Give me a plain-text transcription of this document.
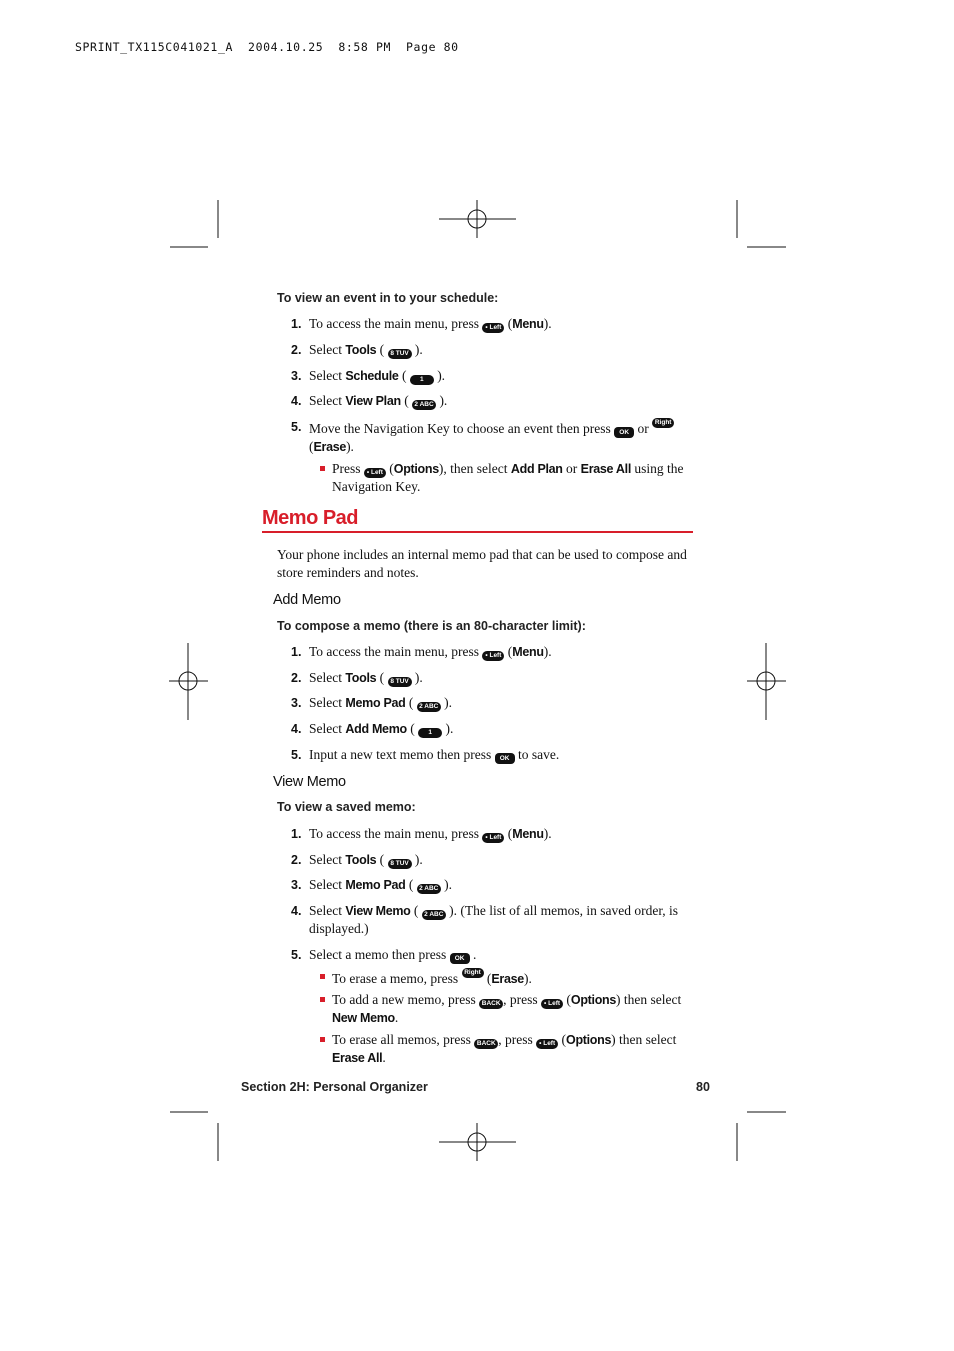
SPRINT_TX115C041021_A  2004.10.25  8:58 PM  Page 80
To view an event in to your schedule:
1. To access the main menu, press • Left (Menu).
2. Select Tools ( 8 TUV ).
3. Select Schedule ( 1 ).
4. Select View Plan ( 2 ABC ).
5. Move the Navigation Key to choose an event then press OK or Right • (Erase).
Press • Left (Options), then select Add Plan or Erase All using the Navigation Key.
Memo Pad
Your phone includes an internal memo pad that can be used to compose and store reminders and notes.
Add Memo
To compose a memo (there is an 80-character limit):
1. To access the main menu, press • Left (Menu).
2. Select Tools ( 8 TUV ).
3. Select Memo Pad ( 2 ABC ).
4. Select Add Memo ( 1 ).
5. Input a new text memo then press OK to save.
View Memo
To view a saved memo:
1. To access the main menu, press • Left (Menu).
2. Select Tools ( 8 TUV ).
3. Select Memo Pad ( 2 ABC ).
4. Select View Memo ( 2 ABC ). (The list of all memos, in saved order, is displayed.)
5. Select a memo then press OK .
To erase a memo, press Right • (Erase).
To add a new memo, press BACK , press • Left (Options) then select New Memo.
To erase all memos, press BACK , press • Left (Options) then select Erase All.
Section 2H: Personal Organizer	80
